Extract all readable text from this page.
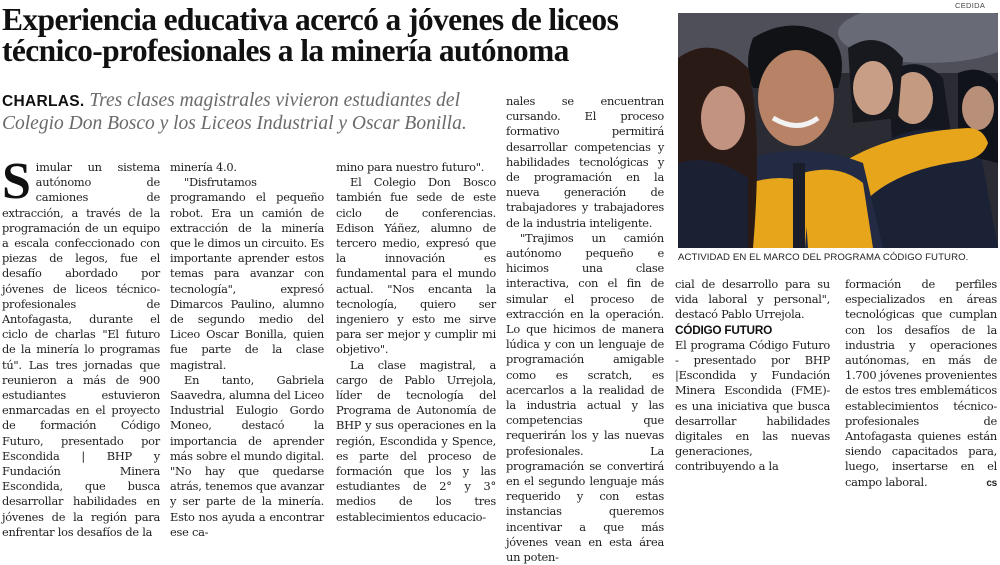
Experiencia educativa acercó a jóvenes de liceos técnico-profesionales a la minería autónoma
CHARLAS. Tres clases magistrales vivieron estudiantes del Colegio Don Bosco y los Liceos Industrial y Oscar Bonilla.
S imular un sistema autónomo de camiones de extracción, a través de la programación de un equipo a escala confeccionado con piezas de legos, fue el desafío abordado por jóvenes de liceos técnico-profesionales de Antofagasta, durante el ciclo de charlas "El futuro de la minería lo programas tú". Las tres jornadas que reunieron a más de 900 estudiantes estuvieron enmarcadas en el proyecto de formación Código Futuro, presentado por Escondida | BHP y Fundación Minera Escondida, que busca desarrollar habilidades en jóvenes de la región para enfrentar los desafíos de la

minería 4.0.

"Disfrutamos programando el pequeño robot. Era un camión de extracción de la minería que le dimos un circuito. Es importante aprender estos temas para avanzar con tecnología", expresó Dimarcos Paulino, alumno de segundo medio del Liceo Oscar Bonilla, quien fue parte de la clase magistral.

En tanto, Gabriela Saavedra, alumna del Liceo Industrial Eulogio Gordo Moneo, destacó la importancia de aprender más sobre el mundo digital. "No hay que quedarse atrás, tenemos que avanzar y ser parte de la minería. Esto nos ayuda a encontrar ese ca-

mino para nuestro futuro".

El Colegio Don Bosco también fue sede de este ciclo de conferencias. Edison Yáñez, alumno de tercero medio, expresó que la innovación es fundamental para el mundo actual. "Nos encanta la tecnología, quiero ser ingeniero y esto me sirve para ser mejor y cumplir mi objetivo".

La clase magistral, a cargo de Pablo Urrejola, líder de tecnología del Programa de Autonomía de BHP y sus operaciones en la región, Escondida y Spence, es parte del proceso de formación que los y las estudiantes de 2° y 3° medios de los tres establecimientos educacio-

nales se encuentran cursando. El proceso formativo permitirá desarrollar competencias y habilidades tecnológicas y de programación en la nueva generación de trabajadores y trabajadores de la industria inteligente.

"Trajimos un camión autónomo pequeño e hicimos una clase interactiva, con el fin de simular el proceso de extracción en la operación. Lo que hicimos de manera lúdica y con un lenguaje de programación amigable como es scratch, es acercarlos a la realidad de la industria actual y las competencias que requerirán los y las nuevas profesionales. La programación se convertirá en el segundo lenguaje más requerido y con estas instancias queremos incentivar a que más jóvenes vean en esta área un poten-

cial de desarrollo para su vida laboral y personal", destacó Pablo Urrejola.

CÓDIGO FUTURO

El programa Código Futuro - presentado por BHP |Escondida y Fundación Minera Escondida (FME)- es una iniciativa que busca desarrollar habilidades digitales en las nuevas generaciones, contribuyendo a la

formación de perfiles especializados en áreas tecnológicas que cumplan con los desafíos de la industria y operaciones autónomas, en más de 1.700 jóvenes provenientes de estos tres emblemáticos establecimientos técnico-profesionales de Antofagasta quienes están siendo capacitados para, luego, insertarse en el campo laboral.	cs
CEDIDA
ACTIVIDAD EN EL MARCO DEL PROGRAMA CÓDIGO FUTURO.
